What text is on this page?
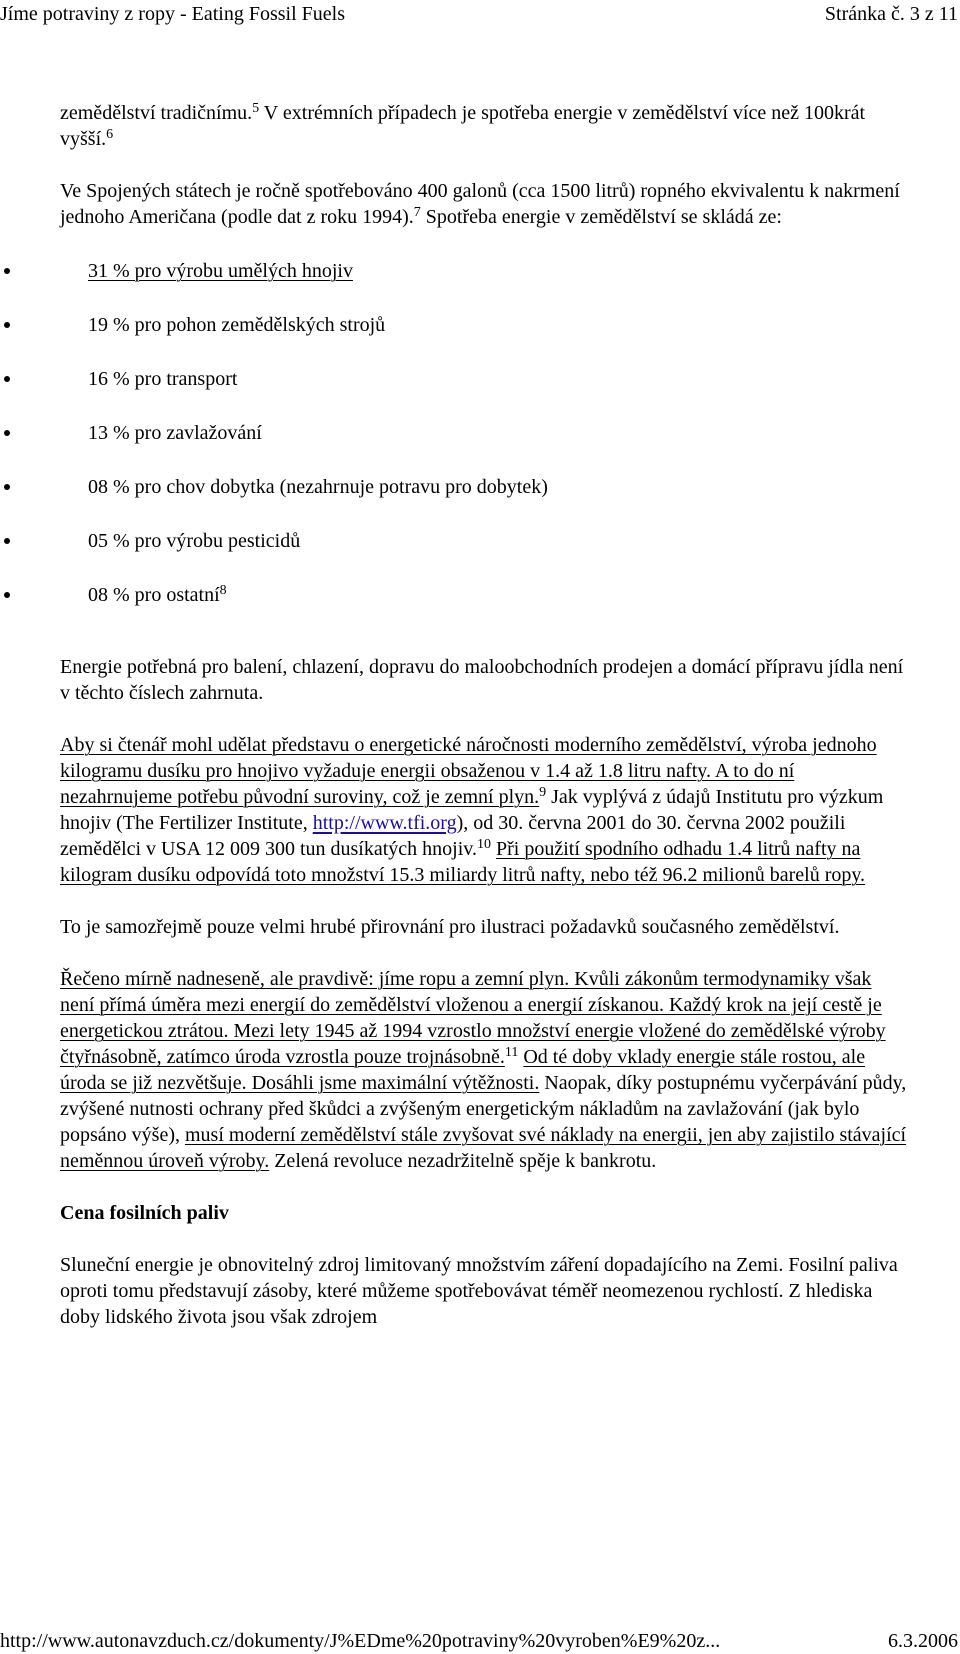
Jíme potraviny z ropy - Eating Fossil Fuels	Stránka č. 3 z 11

zemědělství tradičnímu.$^5$ V extrémních případech je spotřeba energie v zemědělství více než 100krát vyšší.$^6$

Ve Spojených státech je ročně spotřebováno 400 galonů (cca 1500 litrů) ropného ekvivalentu k nakrmení jednoho Američana (podle dat z roku 1994).$^7$ Spotřeba energie v zemědělství se skládá ze:

31 % pro výrobu umělých hnojiv
19 % pro pohon zemědělských strojů
16 % pro transport
13 % pro zavlažování
08 % pro chov dobytka (nezahrnuje potravu pro dobytek)
05 % pro výrobu pesticidů
08 % pro ostatní$^8$

Energie potřebná pro balení, chlazení, dopravu do maloobchodních prodejen a domácí přípravu jídla není v těchto číslech zahrnuta.

Aby si čtenář mohl udělat představu o energetické náročnosti moderního zemědělství, výroba jednoho kilogramu dusíku pro hnojivo vyžaduje energii obsaženou v 1.4 až 1.8 litru nafty. A to do ní nezahrnujeme potřebu původní suroviny, což je zemní plyn.$^9$ Jak vyplývá z údajů Institutu pro výzkum hnojiv (The Fertilizer Institute, http://www.tfi.org), od 30. června 2001 do 30. června 2002 použili zemědělci v USA 12 009 300 tun dusíkatých hnojiv.$^{10}$ Při použití spodního odhadu 1.4 litrů nafty na kilogram dusíku odpovídá toto množství 15.3 miliardy litrů nafty, nebo též 96.2 milionů barelů ropy.

To je samozřejmě pouze velmi hrubé přirovnání pro ilustraci požadavků současného zemědělství.

Řečeno mírně nadneseně, ale pravdivě: jíme ropu a zemní plyn. Kvůli zákonům termodynamiky však není přímá úměra mezi energií do zemědělství vloženou a energií získanou. Každý krok na její cestě je energetickou ztrátou. Mezi lety 1945 až 1994 vzrostlo množství energie vložené do zemědělské výroby čtyřnásobně, zatímco úroda vzrostla pouze trojnásobně.$^{11}$ Od té doby vklady energie stále rostou, ale úroda se již nezvětšuje. Dosáhli jsme maximální výtěžnosti. Naopak, díky postupnému vyčerpávání půdy, zvýšené nutnosti ochrany před škůdci a zvýšeným energetickým nákladům na zavlažování (jak bylo popsáno výše), musí moderní zemědělství stále zvyšovat své náklady na energii, jen aby zajistilo stávající neměnnou úroveň výroby. Zelená revoluce nezadržitelně spěje k bankrotu.

Cena fosilních paliv

Sluneční energie je obnovitelný zdroj limitovaný množstvím záření dopadajícího na Zemi. Fosilní paliva oproti tomu představují zásoby, které můžeme spotřebovávat téměř neomezenou rychlostí. Z hlediska doby lidského života jsou však zdrojem

http://www.autonavzduch.cz/dokumenty/J%EDme%20potraviny%20vyroben%E9%20z...	6.3.2006
